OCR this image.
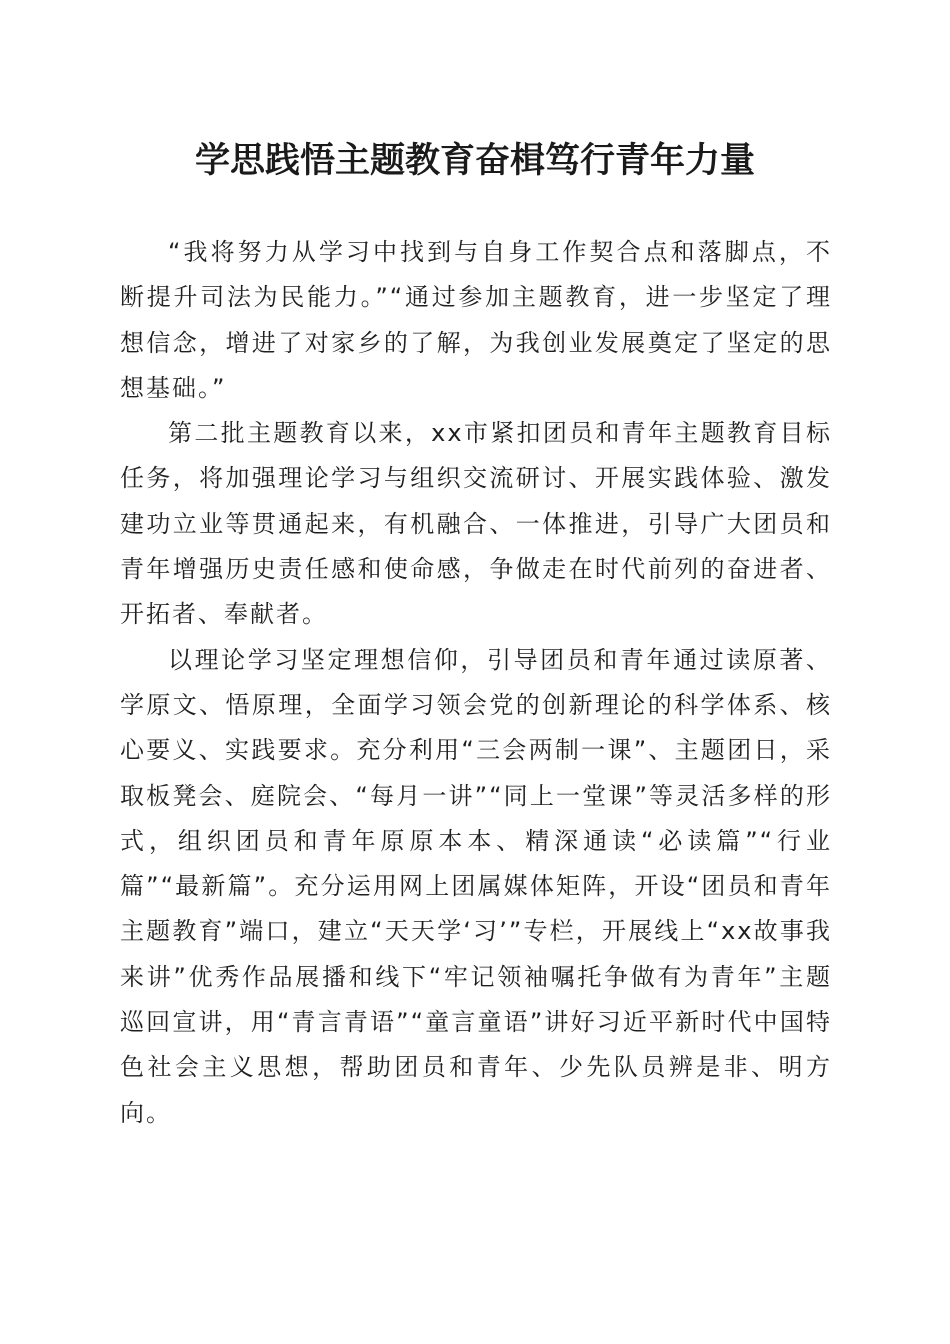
学思践悟主题教育奋楫笃行青年力量

“我将努力从学习中找到与自身工作契合点和落脚点，不断提升司法为民能力。”“通过参加主题教育，进一步坚定了理想信念，增进了对家乡的了解，为我创业发展奠定了坚定的思想基础。”

第二批主题教育以来，xx市紧扣团员和青年主题教育目标任务，将加强理论学习与组织交流研讨、开展实践体验、激发建功立业等贯通起来，有机融合、一体推进，引导广大团员和青年增强历史责任感和使命感，争做走在时代前列的奋进者、开拓者、奉献者。

以理论学习坚定理想信仰，引导团员和青年通过读原著、学原文、悟原理，全面学习领会党的创新理论的科学体系、核心要义、实践要求。充分利用“三会两制一课”、主题团日，采取板凳会、庭院会、“每月一讲”“同上一堂课”等灵活多样的形式，组织团员和青年原原本本、精深通读“必读篇”“行业篇”“最新篇”。充分运用网上团属媒体矩阵，开设“团员和青年主题教育”端口，建立“天天学‘习’”专栏，开展线上“xx故事我来讲”优秀作品展播和线下“牢记领袖嘱托争做有为青年”主题巡回宣讲，用“青言青语”“童言童语”讲好习近平新时代中国特色社会主义思想，帮助团员和青年、少先队员辨是非、明方向。
